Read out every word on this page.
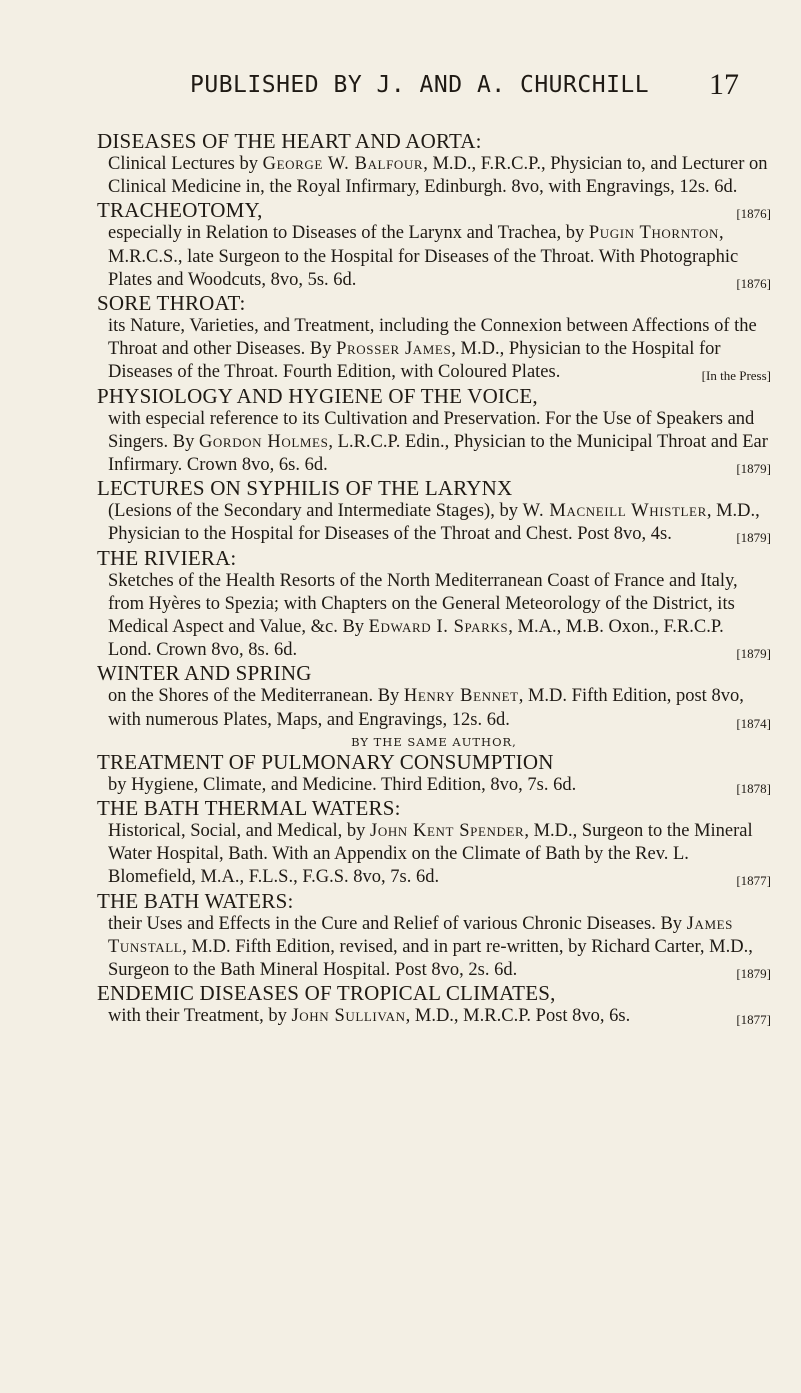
PUBLISHED BY J. AND A. CHURCHILL 17
DISEASES OF THE HEART AND AORTA:
Clinical Lectures by George W. Balfour, M.D., F.R.C.P., Physician to, and Lecturer on Clinical Medicine in, the Royal Infirmary, Edinburgh. 8vo, with Engravings, 12s. 6d.
[1876]
TRACHEOTOMY,
especially in Relation to Diseases of the Larynx and Trachea, by Pugin Thornton, M.R.C.S., late Surgeon to the Hospital for Diseases of the Throat. With Photographic Plates and Woodcuts, 8vo, 5s. 6d.	[1876]
SORE THROAT:
its Nature, Varieties, and Treatment, including the Connexion between Affections of the Throat and other Diseases. By Prosser James, M.D., Physician to the Hospital for Diseases of the Throat. Fourth Edition, with Coloured Plates.	[In the Press]
PHYSIOLOGY AND HYGIENE OF THE VOICE,
with especial reference to its Cultivation and Preservation. For the Use of Speakers and Singers. By Gordon Holmes, L.R.C.P. Edin., Physician to the Municipal Throat and Ear Infirmary. Crown 8vo, 6s. 6d.	[1879]
LECTURES ON SYPHILIS OF THE LARYNX
(Lesions of the Secondary and Intermediate Stages), by W. Macneill Whistler, M.D., Physician to the Hospital for Diseases of the Throat and Chest. Post 8vo, 4s.	[1879]
THE RIVIERA:
Sketches of the Health Resorts of the North Mediterranean Coast of France and Italy, from Hyères to Spezia; with Chapters on the General Meteorology of the District, its Medical Aspect and Value, &c. By Edward I. Sparks, M.A., M.B. Oxon., F.R.C.P. Lond. Crown 8vo, 8s. 6d.	[1879]
WINTER AND SPRING
on the Shores of the Mediterranean. By Henry Bennet, M.D. Fifth Edition, post 8vo, with numerous Plates, Maps, and Engravings, 12s. 6d.	[1874]
BY THE SAME AUTHOR,
TREATMENT OF PULMONARY CONSUMPTION
by Hygiene, Climate, and Medicine. Third Edition, 8vo, 7s. 6d.	[1878]
THE BATH THERMAL WATERS:
Historical, Social, and Medical, by John Kent Spender, M.D., Surgeon to the Mineral Water Hospital, Bath. With an Appendix on the Climate of Bath by the Rev. L. Blomefield, M.A., F.L.S., F.G.S. 8vo, 7s. 6d.	[1877]
THE BATH WATERS:
their Uses and Effects in the Cure and Relief of various Chronic Diseases. By James Tunstall, M.D. Fifth Edition, revised, and in part re-written, by Richard Carter, M.D., Surgeon to the Bath Mineral Hospital. Post 8vo, 2s. 6d.	[1879]
ENDEMIC DISEASES OF TROPICAL CLIMATES,
with their Treatment, by John Sullivan, M.D., M.R.C.P. Post 8vo, 6s.	[1877]
